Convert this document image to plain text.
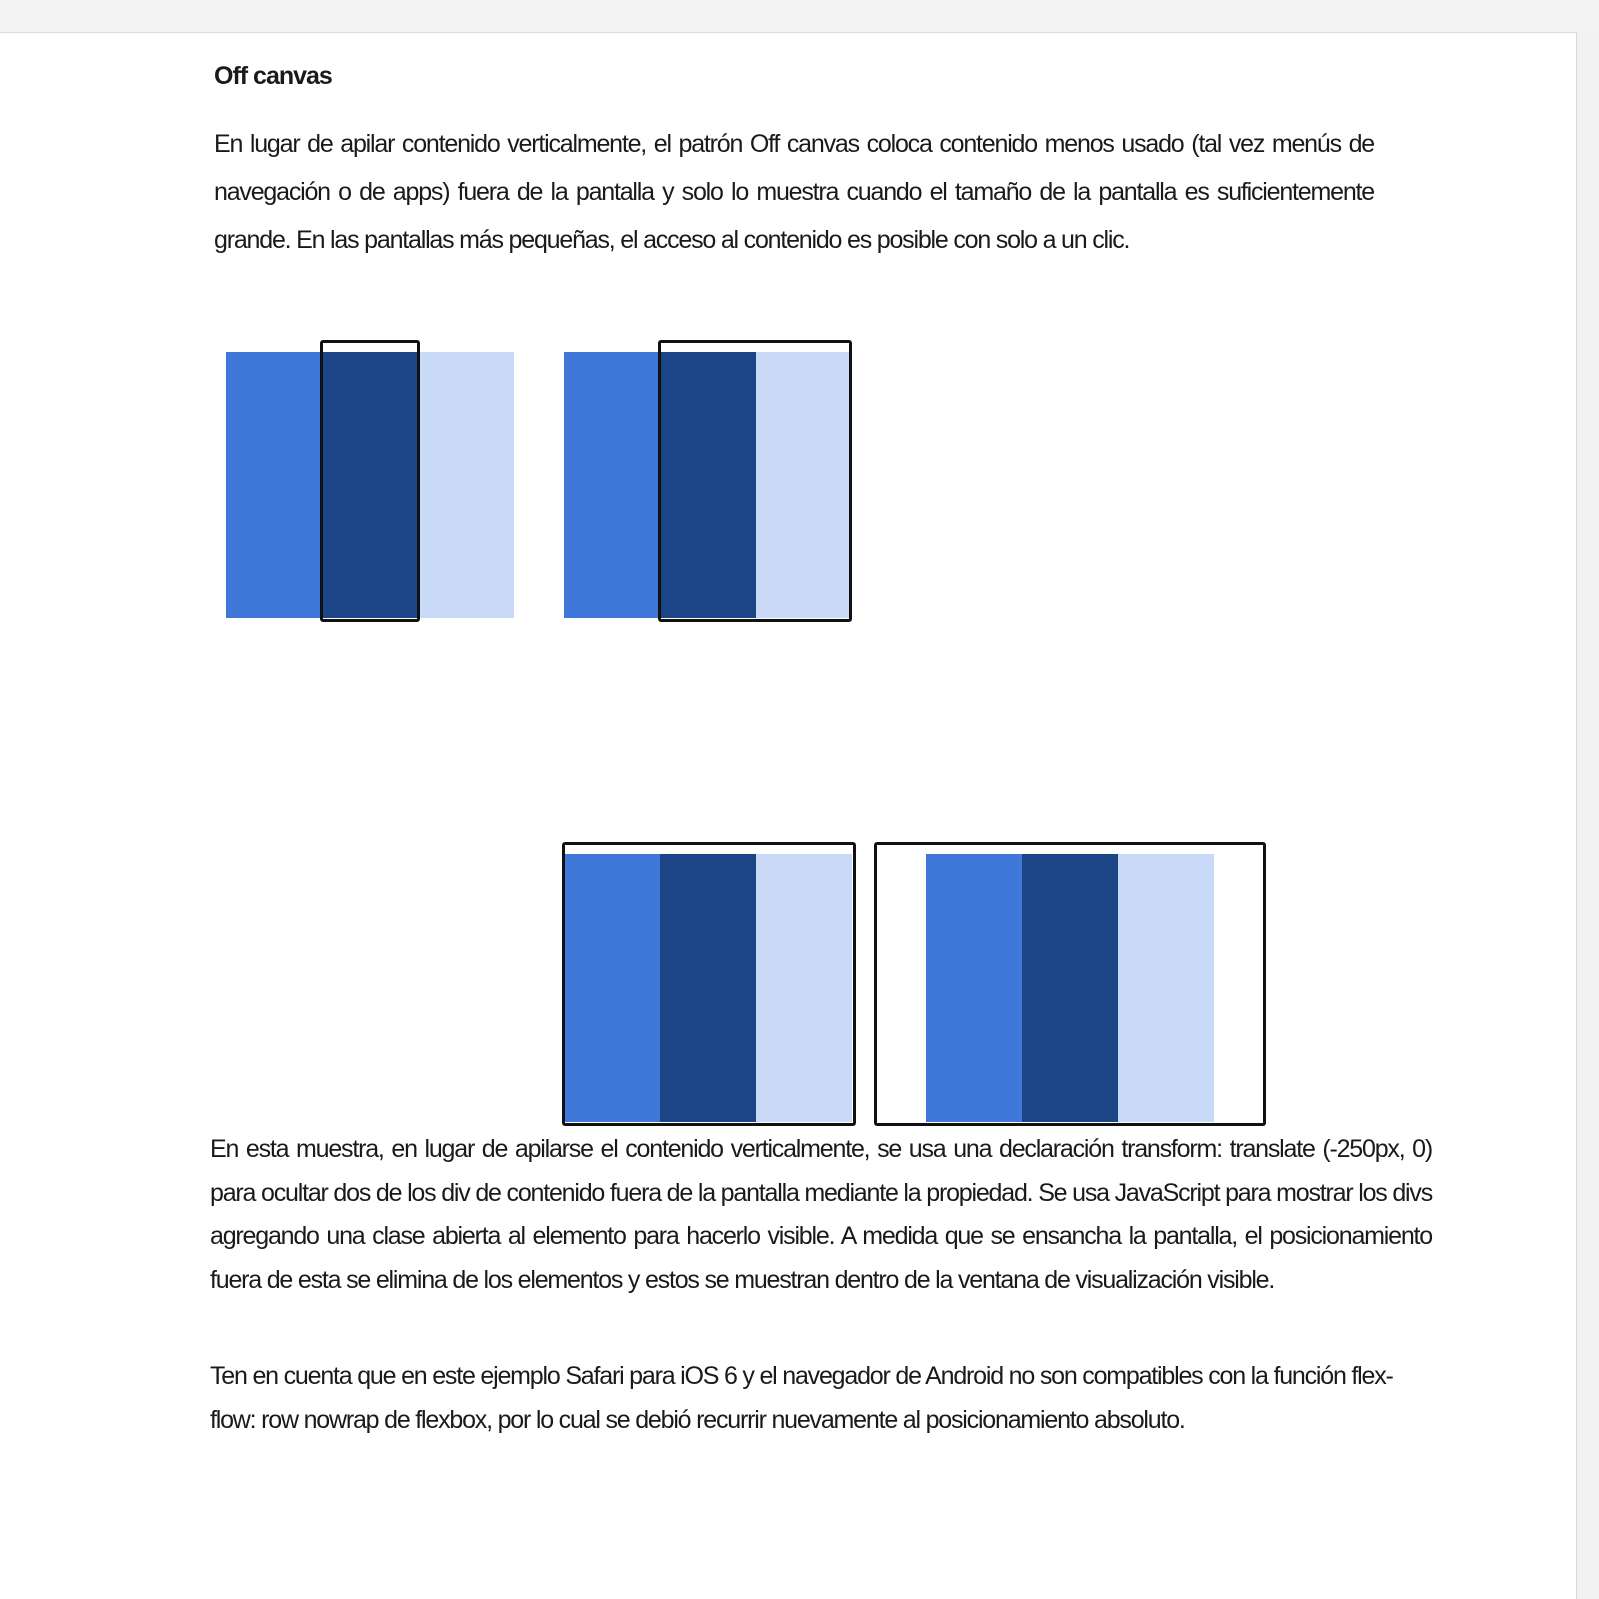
Off canvas

En lugar de apilar contenido verticalmente, el patrón Off canvas coloca contenido menos usado (tal vez menús de navegación o de apps) fuera de la pantalla y solo lo muestra cuando el tamaño de la pantalla es suficientemente grande. En las pantallas más pequeñas, el acceso al contenido es posible con solo a un clic.

En esta muestra, en lugar de apilarse el contenido verticalmente, se usa una declaración transform: translate (-250px, 0) para ocultar dos de los div de contenido fuera de la pantalla mediante la propiedad. Se usa JavaScript para mostrar los divs agregando una clase abierta al elemento para hacerlo visible. A medida que se ensancha la pantalla, el posicionamiento fuera de esta se elimina de los elementos y estos se muestran dentro de la ventana de visualización visible.

Ten en cuenta que en este ejemplo Safari para iOS 6 y el navegador de Android no son compatibles con la función flex-flow: row nowrap de flexbox, por lo cual se debió recurrir nuevamente al posicionamiento absoluto.
